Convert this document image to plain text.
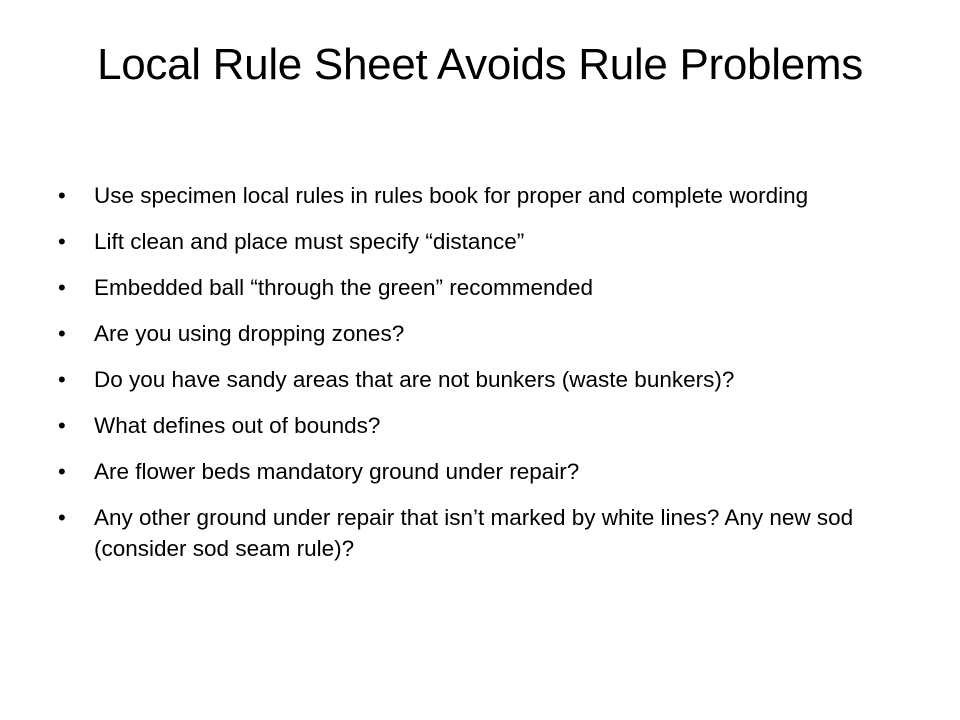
Local Rule Sheet Avoids Rule Problems
• Use specimen local rules in rules book for proper and complete wording
• Lift clean and place must specify “distance”
• Embedded ball “through the green” recommended
• Are you using dropping zones?
• Do you have sandy areas that are not bunkers (waste bunkers)?
• What defines out of bounds?
• Are flower beds mandatory ground under repair?
• Any other ground under repair that isn’t marked by white lines? Any new sod (consider sod seam rule)?
